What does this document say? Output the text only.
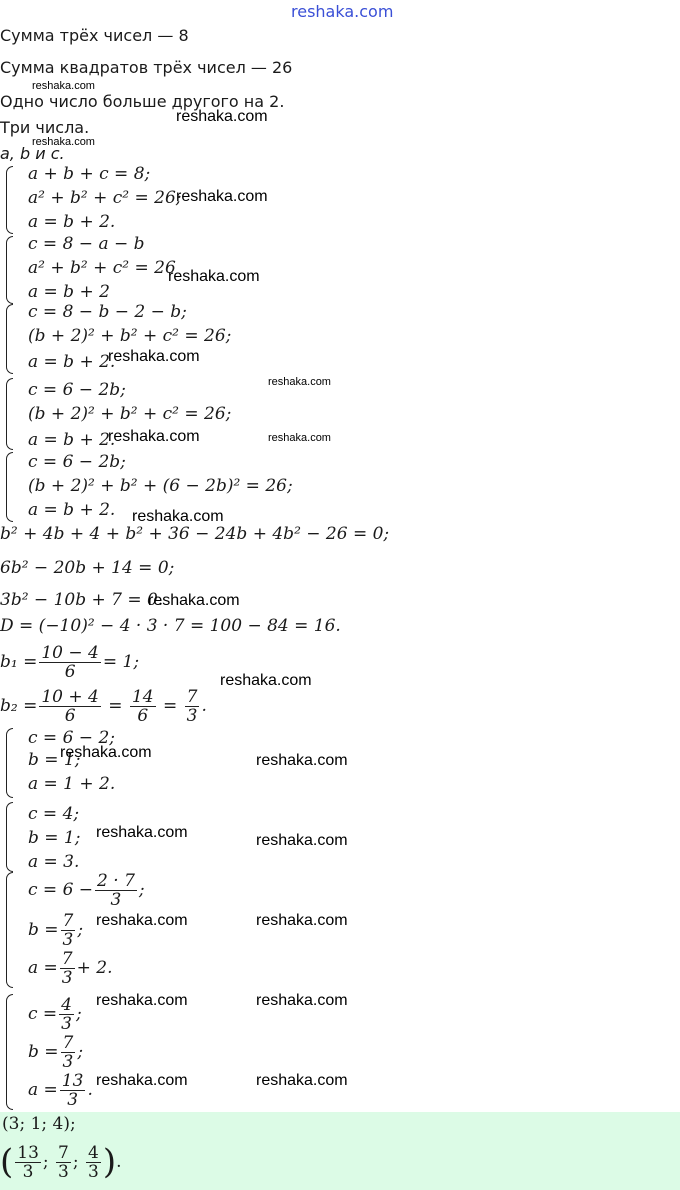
reshaka.com
Сумма трёх чисел — 8
Сумма квадратов трёх чисел — 26
reshaka.com
Одно число больше другого на 2.
reshaka.com
Три числа.
reshaka.com
a, b и c.
a + b + c = 8;
a² + b² + c² = 26;
a = b + 2.
reshaka.com
c = 8 − a − b
a² + b² + c² = 26
a = b + 2
reshaka.com
c = 8 − b − 2 − b;
(b + 2)² + b² + c² = 26;
a = b + 2.
reshaka.com
reshaka.com
c = 6 − 2b;
(b + 2)² + b² + c² = 26;
a = b + 2.
reshaka.com	reshaka.com
c = 6 − 2b;
(b + 2)² + b² + (6 − 2b)² = 26;
a = b + 2. reshaka.com
b² + 4b + 4 + b² + 36 − 24b + 4b² − 26 = 0;
6b² − 20b + 14 = 0;
3b² − 10b + 7 = 0.
reshaka.com
D = (−10)² − 4 · 3 · 7 = 100 − 84 = 16.
$b_1 = \frac{10 - 4}{6} = 1$;
reshaka.com
$b_2 = \frac{10 + 4}{6} = \frac{14}{6} = \frac{7}{3}$ .
c = 6 − 2;
b = 1;
a = 1 + 2.
reshaka.com	reshaka.com
c = 4;
b = 1;
a = 3.
reshaka.com	reshaka.com
$c = 6 - \frac{2 \cdot 7}{3}$ ;
$b = \frac{7}{3}$ ;
$a = \frac{7}{3} + 2$.
reshaka.com	reshaka.com
$c = \frac{4}{3}$ ;
$b = \frac{7}{3}$ ;
$a = \frac{13}{3}$ .
reshaka.com	reshaka.com
reshaka.com	reshaka.com
(3; 1; 4);
( $\frac{13}{3}$ ;
$\frac{7}{3}$ ;
$\frac{4}{3}$ ) .
